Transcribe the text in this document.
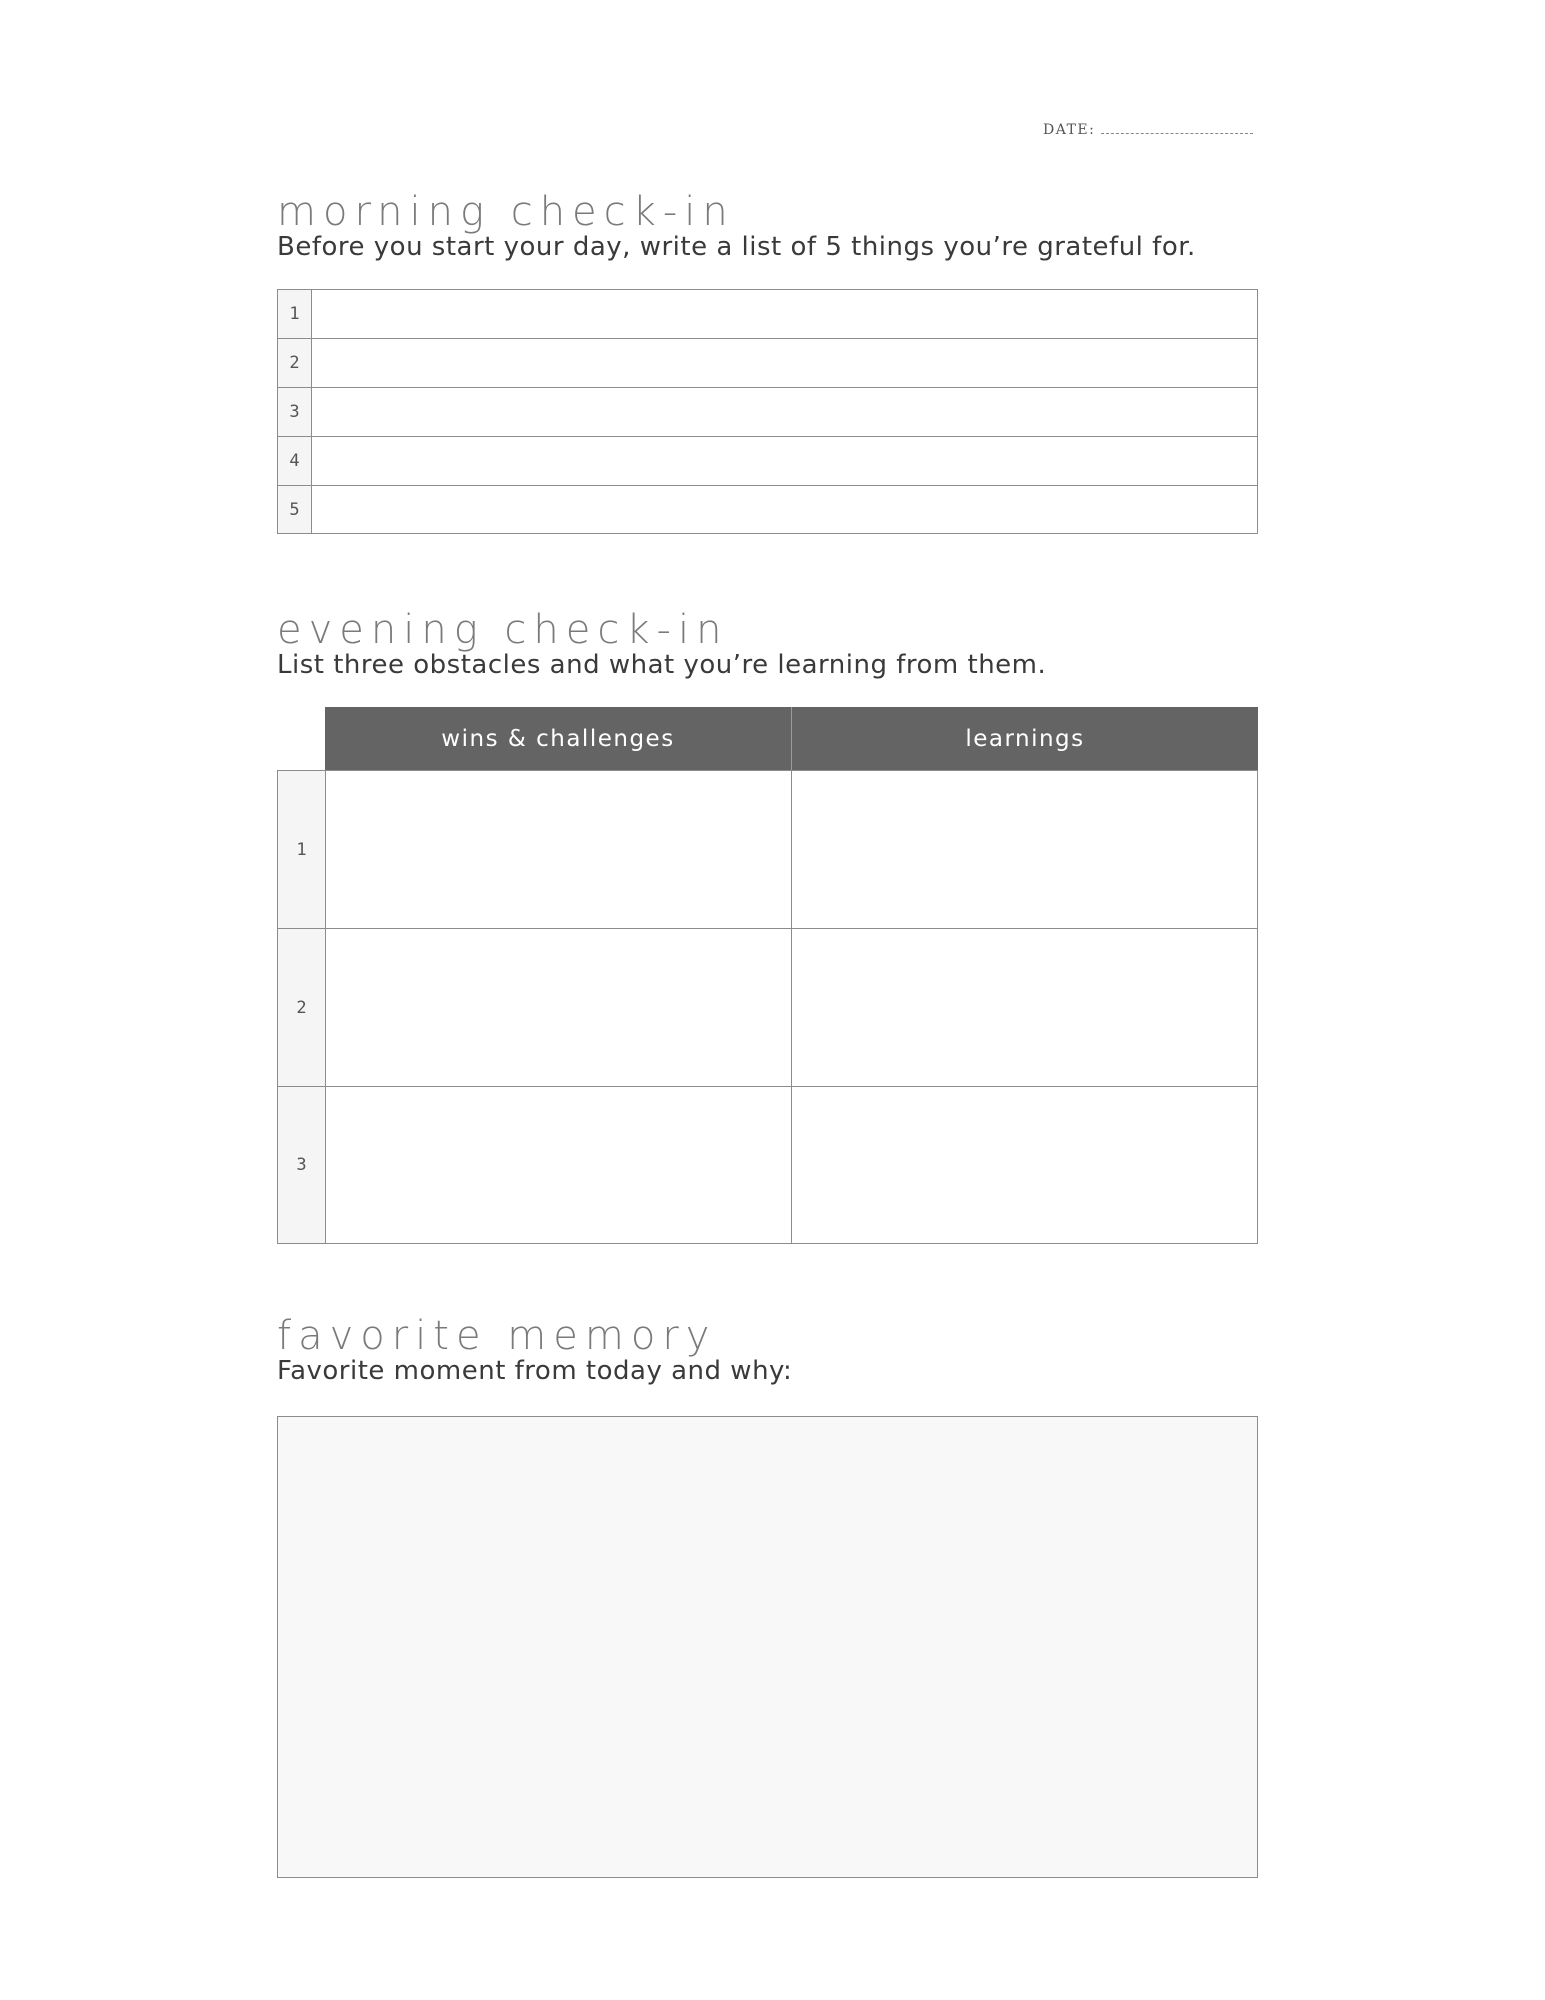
DATE:
morning check-in
Before you start your day, write a list of 5 things you’re grateful for.
1
2
3
4
5
evening check-in
List three obstacles and what you’re learning from them.
wins & challenges	learnings
1
2
3
favorite memory
Favorite moment from today and why:
